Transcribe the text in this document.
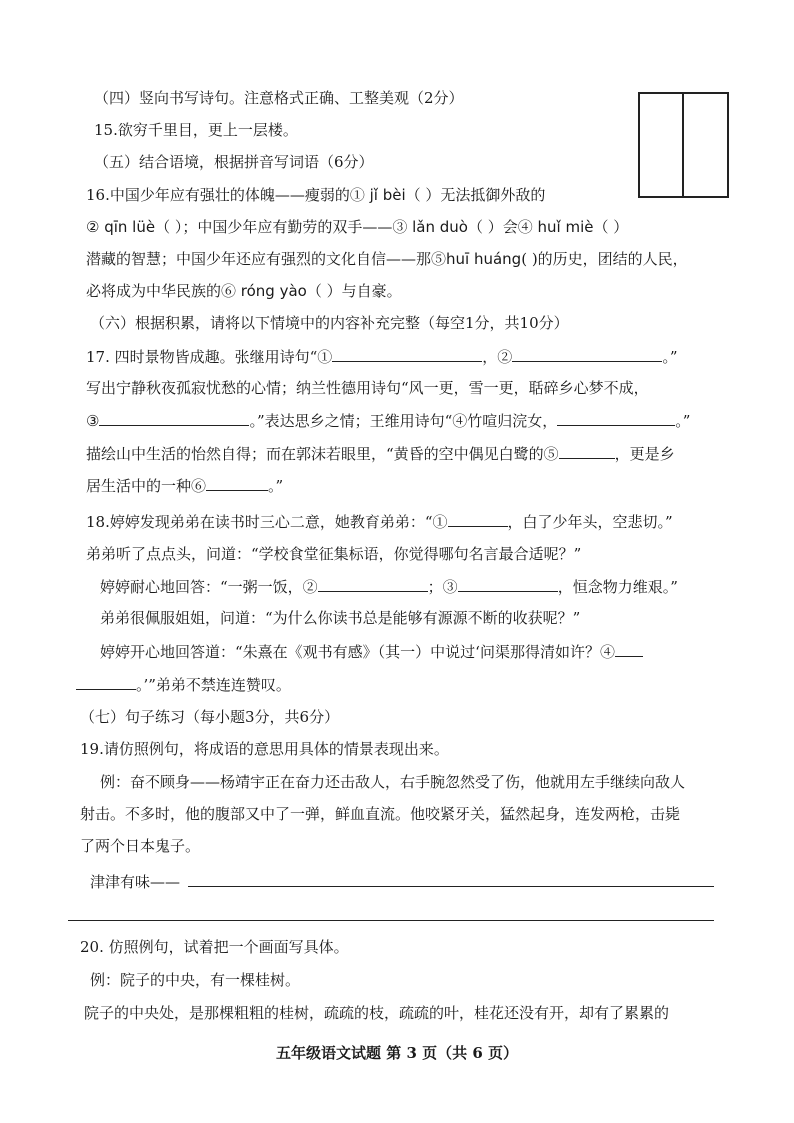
（四）竖向书写诗句。注意格式正确、工整美观（2分）
15.欲穷千里目，更上一层楼。
（五）结合语境，根据拼音写词语（6分）
16.中国少年应有强壮的体魄——瘦弱的① jǐ bèi（ ）无法抵御外敌的
② qīn lüè（ ）；中国少年应有勤劳的双手——③ lǎn duò（ ）会④ huǐ miè（ ）
潜藏的智慧；中国少年还应有强烈的文化自信——那⑤huī huáng( )的历史，团结的人民，
必将成为中华民族的⑥ róng yào（ ）与自豪。
（六）根据积累，请将以下情境中的内容补充完整（每空1分，共10分）
17. 四时景物皆成趣。张继用诗句“①	，②	。”
写出宁静秋夜孤寂忧愁的心情；纳兰性德用诗句“风一更，雪一更，聒碎乡心梦不成，
③	。”表达思乡之情；王维用诗句“④竹喧归浣女，	。”
描绘山中生活的怡然自得；而在郭沫若眼里，“黄昏的空中偶见白鹭的⑤	，更是乡
居生活中的一种⑥	。”
18.婷婷发现弟弟在读书时三心二意，她教育弟弟：“①	，白了少年头，空悲切。”
弟弟听了点点头，问道：“学校食堂征集标语，你觉得哪句名言最合适呢？”
婷婷耐心地回答：“一粥一饭，②	；③	，恒念物力维艰。”
弟弟很佩服姐姐，问道：“为什么你读书总是能够有源源不断的收获呢？”
婷婷开心地回答道：“朱熹在《观书有感》（其一）中说过‘问渠那得清如许？④
。’”弟弟不禁连连赞叹。
（七）句子练习（每小题3分，共6分）
19.请仿照例句，将成语的意思用具体的情景表现出来。
例：奋不顾身——杨靖宇正在奋力还击敌人，右手腕忽然受了伤，他就用左手继续向敌人
射击。不多时，他的腹部又中了一弹，鲜血直流。他咬紧牙关，猛然起身，连发两枪，击毙
了两个日本鬼子。
津津有味——
20. 仿照例句，试着把一个画面写具体。
例：院子的中央，有一棵桂树。
院子的中央处，是那棵粗粗的桂树，疏疏的枝，疏疏的叶，桂花还没有开，却有了累累的
五年级语文试题 第 3 页（共 6 页）
